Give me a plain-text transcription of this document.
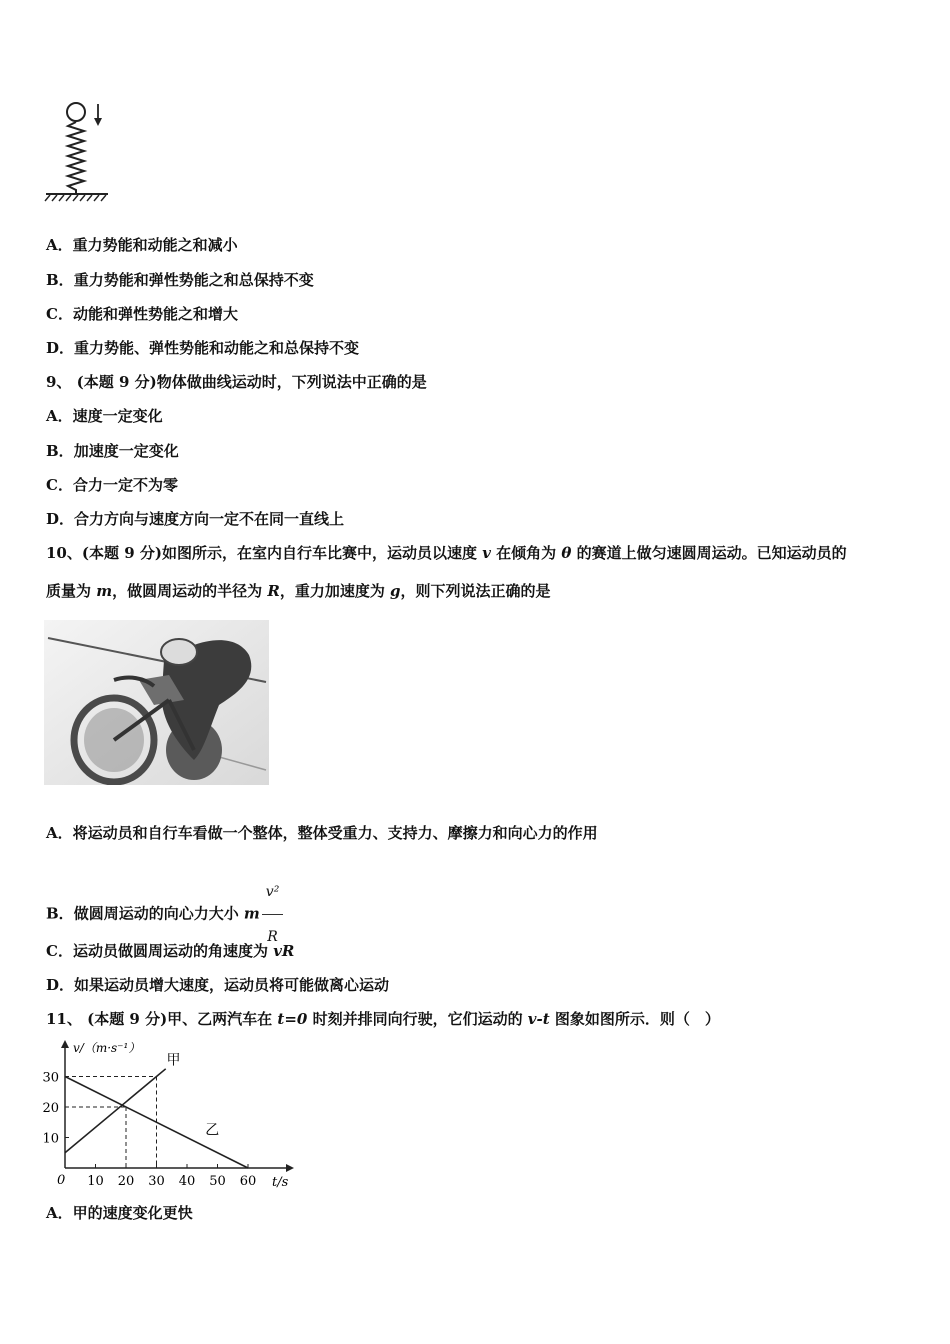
A．重力势能和动能之和减小
B．重力势能和弹性势能之和总保持不变
C．动能和弹性势能之和增大
D．重力势能、弹性势能和动能之和总保持不变
9、 (本题 9 分)物体做曲线运动时，下列说法中正确的是
A．速度一定变化
B．加速度一定变化
C．合力一定不为零
D．合力方向与速度方向一定不在同一直线上
10、(本题 9 分)如图所示，在室内自行车比赛中，运动员以速度 v 在倾角为 θ 的赛道上做匀速圆周运动。已知运动员的
质量为 m，做圆周运动的半径为 R，重力加速度为 g，则下列说法正确的是
A．将运动员和自行车看做一个整体，整体受重力、支持力、摩擦力和向心力的作用
B．做圆周运动的向心力大小 m $\frac{\text{v²}}{R}$
C．运动员做圆周运动的角速度为 vR
D．如果运动员增大速度，运动员将可能做离心运动
11、 (本题 9 分)甲、乙两汽车在 t=0 时刻并排同向行驶，它们运动的 v-t 图象如图所示．则（　）
v/（m·s⁻¹）
t/s
0 10 20 30 40 50 60
10
20
30
甲
乙
A．甲的速度变化更快
